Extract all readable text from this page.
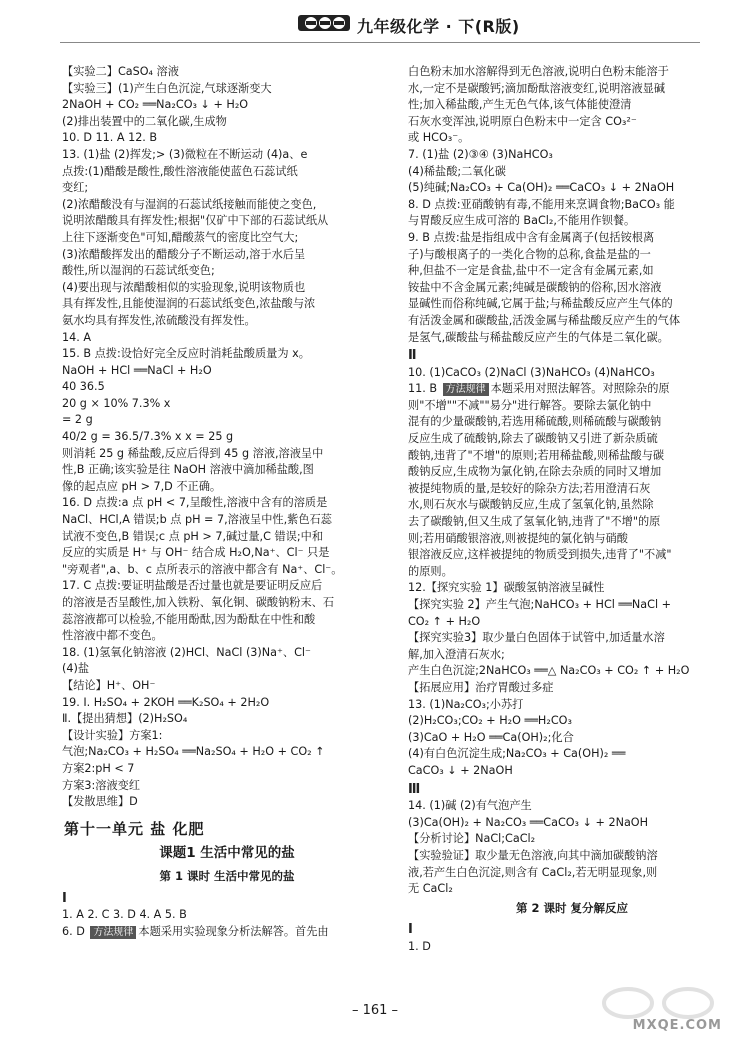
九年级化学 · 下(R版)
【实验二】CaSO₄ 溶液
【实验三】(1)产生白色沉淀,气球逐渐变大
2NaOH + CO₂ ══Na₂CO₃ ↓ + H₂O
(2)排出装置中的二氧化碳,生成物
10. D 11. A 12. B
13. (1)盐 (2)挥发;> (3)微粒在不断运动 (4)a、e
点拨:(1)醋酸是酸性,酸性溶液能使蓝色石蕊试纸
变红;
(2)浓醋酸没有与湿润的石蕊试纸接触而能使之变色,
说明浓醋酸具有挥发性;根据"仅矿中下部的石蕊试纸从
上往下逐渐变色"可知,醋酸蒸气的密度比空气大;
(3)浓醋酸挥发出的醋酸分子不断运动,溶于水后呈
酸性,所以湿润的石蕊试纸变色;
(4)要出现与浓醋酸相似的实验现象,说明该物质也
具有挥发性,且能使湿润的石蕊试纸变色,浓盐酸与浓
氨水均具有挥发性,浓硫酸没有挥发性。
14. A
15. B 点拨:设恰好完全反应时消耗盐酸质量为 x。
NaOH + HCl ══NaCl + H₂O
40 36.5
20 g × 10% 7.3% x
= 2 g
40/2 g = 36.5/7.3% x x = 25 g
则消耗 25 g 稀盐酸,反应后得到 45 g 溶液,溶液呈中
性,B 正确;该实验是往 NaOH 溶液中滴加稀盐酸,图
像的起点应 pH > 7,D 不正确。
16. D 点拨:a 点 pH < 7,呈酸性,溶液中含有的溶质是
NaCl、HCl,A 错误;b 点 pH = 7,溶液呈中性,紫色石蕊
试液不变色,B 错误;c 点 pH > 7,碱过量,C 错误;中和
反应的实质是 H⁺ 与 OH⁻ 结合成 H₂O,Na⁺、Cl⁻ 只是
"旁观者",a、b、c 点所表示的溶液中都含有 Na⁺、Cl⁻。
17. C 点拨:要证明盐酸是否过量也就是要证明反应后
的溶液是否呈酸性,加入铁粉、氧化铜、碳酸钠粉末、石
蕊溶液都可以检验,不能用酚酞,因为酚酞在中性和酸
性溶液中都不变色。
18. (1)氢氧化钠溶液 (2)HCl、NaCl (3)Na⁺、Cl⁻
(4)盐
【结论】H⁺、OH⁻
19. Ⅰ. H₂SO₄ + 2KOH ══K₂SO₄ + 2H₂O
Ⅱ.【提出猜想】(2)H₂SO₄
【设计实验】方案1:
气泡;Na₂CO₃ + H₂SO₄ ══Na₂SO₄ + H₂O + CO₂ ↑
方案2:pH < 7
方案3:溶液变红
【发散思维】D
第十一单元 盐 化肥
课题1 生活中常见的盐
第 1 课时 生活中常见的盐
Ⅰ
1. A 2. C 3. D 4. A 5. B
6. D 方法规律 本题采用实验现象分析法解答。首先由
白色粉末加水溶解得到无色溶液,说明白色粉末能溶于
水,一定不是碳酸钙;滴加酚酞溶液变红,说明溶液显碱
性;加入稀盐酸,产生无色气体,该气体能使澄清
石灰水变浑浊,说明原白色粉末中一定含 CO₃²⁻
或 HCO₃⁻。
7. (1)盐 (2)③④ (3)NaHCO₃
(4)稀盐酸;二氧化碳
(5)纯碱;Na₂CO₃ + Ca(OH)₂ ══CaCO₃ ↓ + 2NaOH
8. D 点拨:亚硝酸钠有毒,不能用来烹调食物;BaCO₃ 能
与胃酸反应生成可溶的 BaCl₂,不能用作钡餐。
9. B 点拨:盐是指组成中含有金属离子(包括铵根离
子)与酸根离子的一类化合物的总称,食盐是盐的一
种,但盐不一定是食盐,盐中不一定含有金属元素,如
铵盐中不含金属元素;纯碱是碳酸钠的俗称,因水溶液
显碱性而俗称纯碱,它属于盐;与稀盐酸反应产生气体的
有活泼金属和碳酸盐,活泼金属与稀盐酸反应产生的气体
是氢气,碳酸盐与稀盐酸反应产生的气体是二氧化碳。
Ⅱ
10. (1)CaCO₃ (2)NaCl (3)NaHCO₃ (4)NaHCO₃
11. B 方法规律 本题采用对照法解答。对照除杂的原
则"不增""不减""易分"进行解答。要除去氯化钠中
混有的少量碳酸钠,若选用稀硫酸,则稀硫酸与碳酸钠
反应生成了硫酸钠,除去了碳酸钠又引进了新杂质硫
酸钠,违背了"不增"的原则;若用稀盐酸,则稀盐酸与碳
酸钠反应,生成物为氯化钠,在除去杂质的同时又增加
被提纯物质的量,是较好的除杂方法;若用澄清石灰
水,则石灰水与碳酸钠反应,生成了氢氧化钠,虽然除
去了碳酸钠,但又生成了氢氧化钠,违背了"不增"的原
则;若用硝酸银溶液,则被提纯的氯化钠与硝酸
银溶液反应,这样被提纯的物质受到损失,违背了"不减"
的原则。
12.【探究实验 1】碳酸氢钠溶液呈碱性
【探究实验 2】产生气泡;NaHCO₃ + HCl ══NaCl +
CO₂ ↑ + H₂O
【探究实验3】取少量白色固体于试管中,加适量水溶
解,加入澄清石灰水;
产生白色沉淀;2NaHCO₃ ══△ Na₂CO₃ + CO₂ ↑ + H₂O
【拓展应用】治疗胃酸过多症
13. (1)Na₂CO₃;小苏打
(2)H₂CO₃;CO₂ + H₂O ══H₂CO₃
(3)CaO + H₂O ══Ca(OH)₂;化合
(4)有白色沉淀生成;Na₂CO₃ + Ca(OH)₂ ══
CaCO₃ ↓ + 2NaOH
Ⅲ
14. (1)碱 (2)有气泡产生
(3)Ca(OH)₂ + Na₂CO₃ ══CaCO₃ ↓ + 2NaOH
【分析讨论】NaCl;CaCl₂
【实验验证】取少量无色溶液,向其中滴加碳酸钠溶
液,若产生白色沉淀,则含有 CaCl₂,若无明显现象,则
无 CaCl₂
第 2 课时 复分解反应
Ⅰ
1. D
– 161 –
MXQE.COM
